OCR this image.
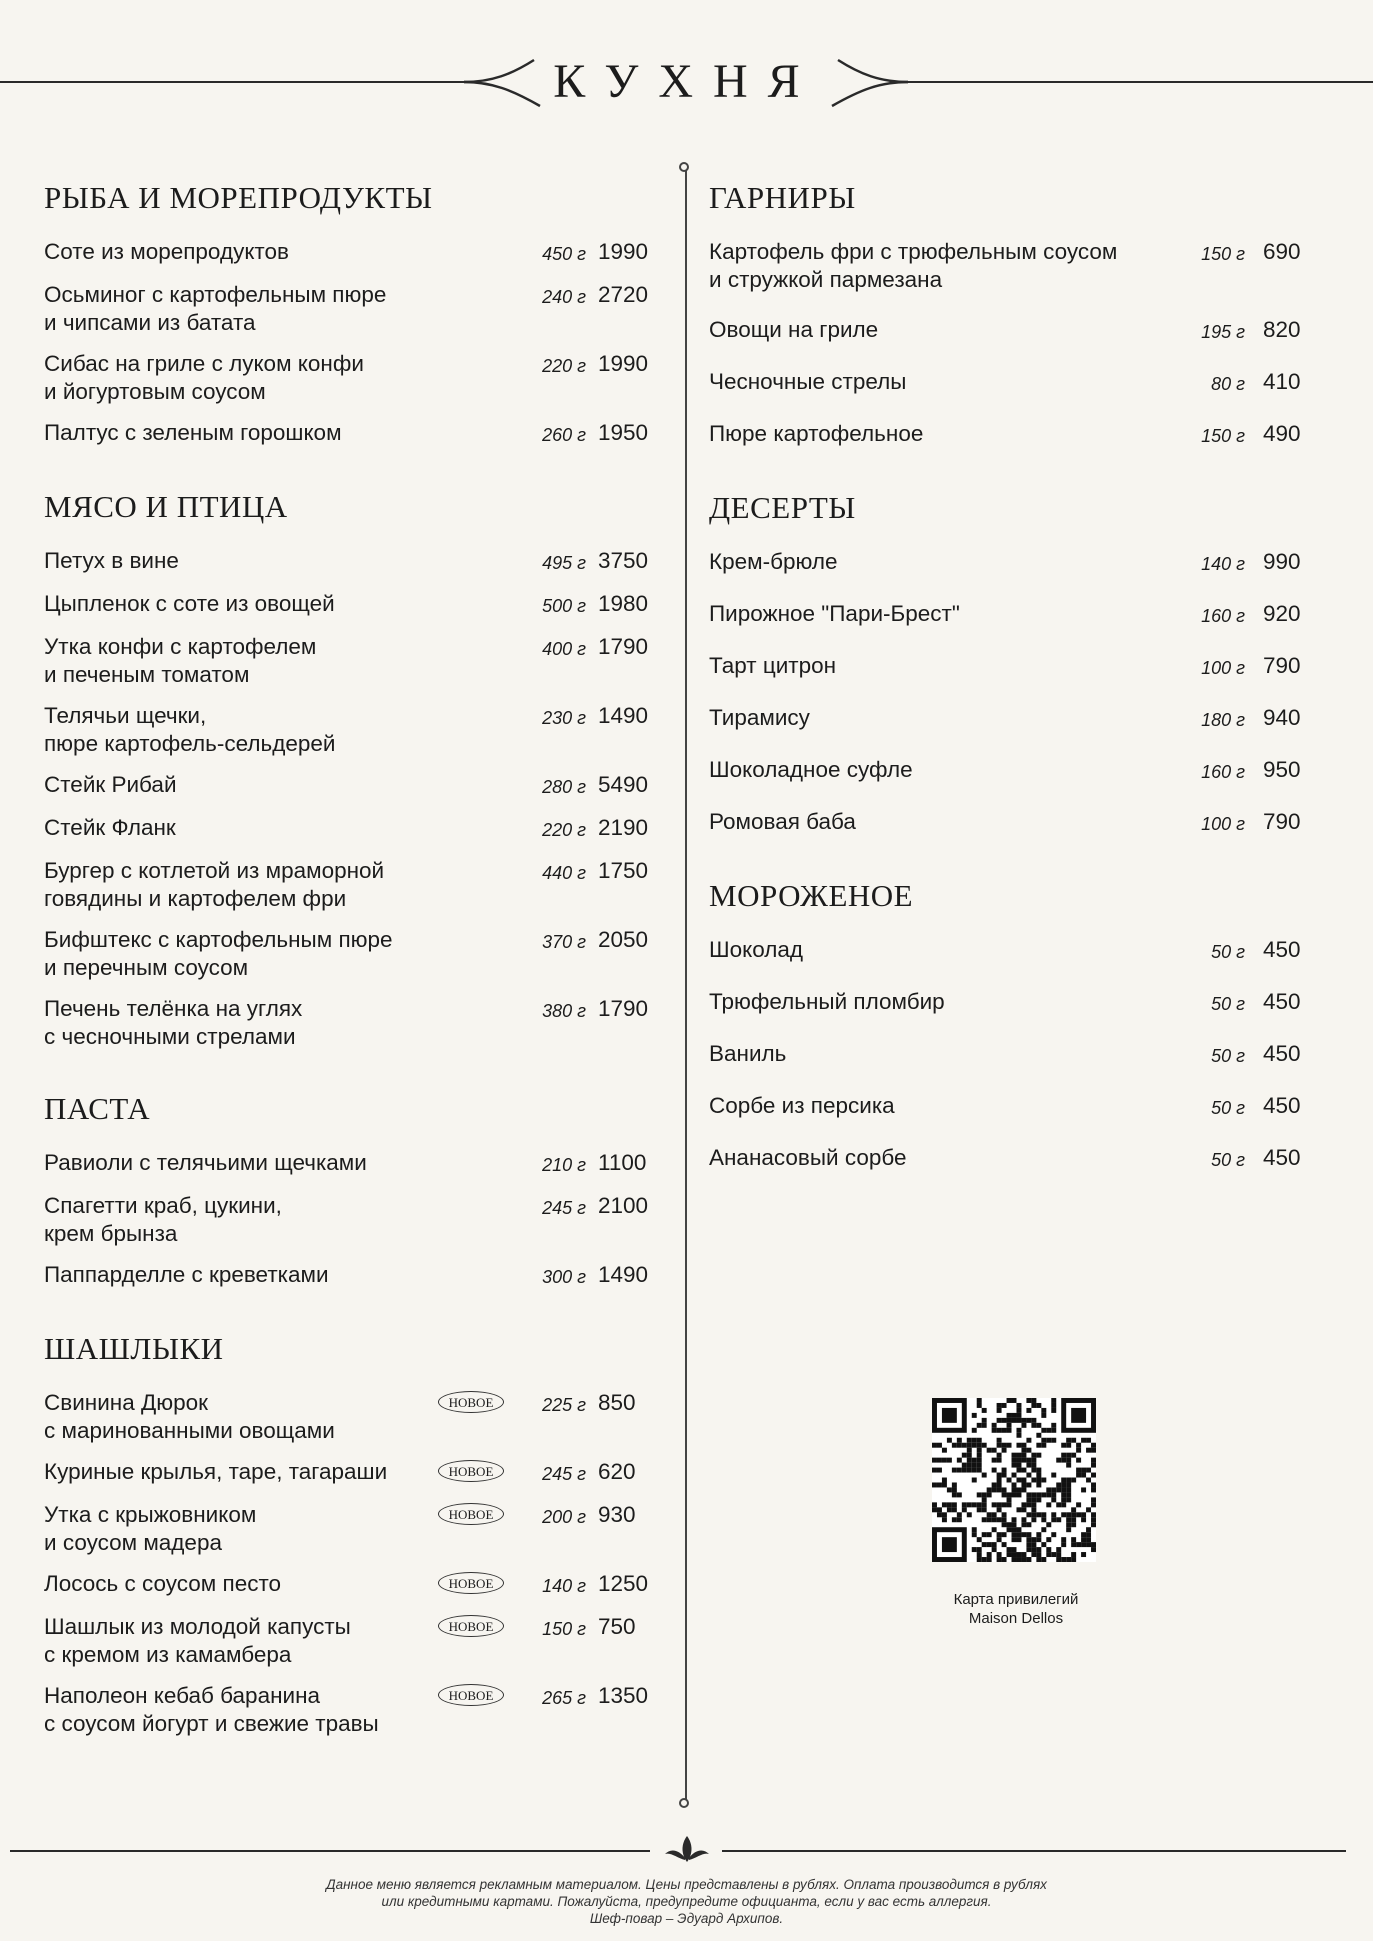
КУХНЯ
РЫБА И МОРЕПРОДУКТЫ
Соте из морепродуктов	450 г 1990
Осьминог с картофельным пюре
и чипсами из батата
240 г 2720
Сибас на гриле с луком конфи
и йогуртовым соусом
220 г 1990
Палтус с зеленым горошком	260 г 1950
МЯСО И ПТИЦА
Петух в вине	495 г 3750
Цыпленок с соте из овощей	500 г 1980
Утка конфи с картофелем
и печеным томатом
400 г 1790
Телячьи щечки,
пюре картофель-сельдерей
230 г 1490
Стейк Рибай	280 г 5490
Стейк Фланк	220 г 2190
Бургер с котлетой из мраморной
говядины и картофелем фри
440 г 1750
Бифштекс с картофельным пюре
и перечным соусом
370 г 2050
Печень телёнка на углях
с чесночными стрелами
380 г 1790
ПАСТА
Равиоли с телячьими щечками	210 г 1100
Спагетти краб, цукини,
крем брынза
245 г 2100
Паппарделле с креветками	300 г 1490
ШАШЛЫКИ
Свинина Дюрок
с маринованными овощами
НОВОЕ	225 г 850
Куриные крылья, таре, тагараши	НОВОЕ	245 г 620
Утка с крыжовником
и соусом мадера
НОВОЕ	200 г 930
Лосось с соусом песто	НОВОЕ	140 г 1250
Шашлык из молодой капусты
с кремом из камамбера
НОВОЕ	150 г 750
Наполеон кебаб баранина
с соусом йогурт и свежие травы
НОВОЕ	265 г 1350
ГАРНИРЫ
Картофель фри с трюфельным соусом
и стружкой пармезана
150 г 690
Овощи на гриле	195 г 820
Чесночные стрелы	80 г 410
Пюре картофельное	150 г 490
ДЕСЕРТЫ
Крем-брюле	140 г 990
Пирожное "Пари-Брест"	160 г 920
Тарт цитрон	100 г 790
Тирамису	180 г 940
Шоколадное суфле	160 г 950
Ромовая баба	100 г 790
МОРОЖЕНОЕ
Шоколад	50 г 450
Трюфельный пломбир	50 г 450
Ваниль	50 г 450
Сорбе из персика	50 г 450
Ананасовый сорбе	50 г 450
Карта привилегий
Maison Dellos
Данное меню является рекламным материалом. Цены представлены в рублях. Оплата производится в рублях
или кредитными картами. Пожалуйста, предупредите официанта, если у вас есть аллергия.
Шеф-повар – Эдуард Архипов.
